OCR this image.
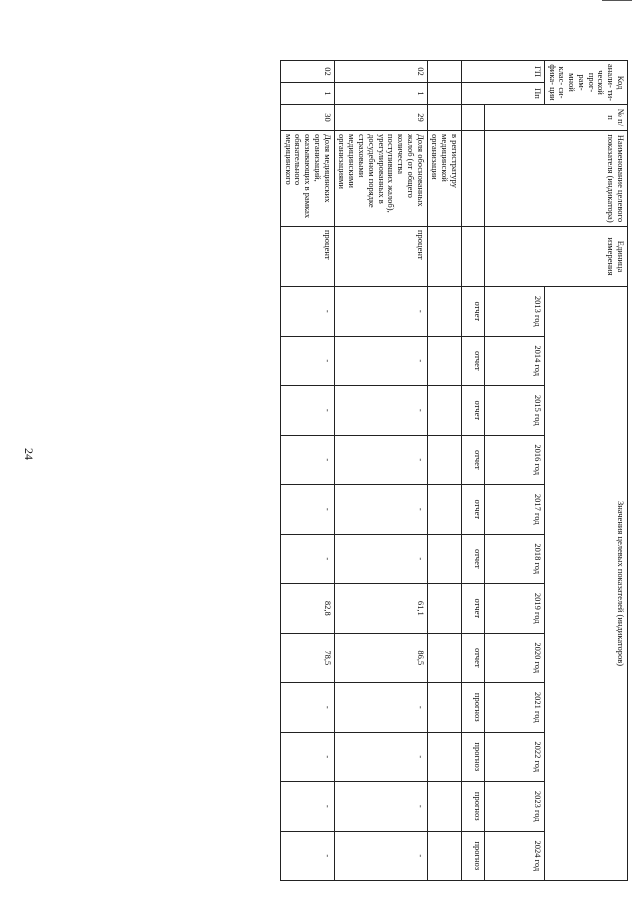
24
Код анали- ти- ческой прог- рам- мной клас- си- фика- ции		№ п/п	Наименование целевого показателя (индикатора)	Единица измерения	Значения целевых показателей (индикаторов)											
ГП	Пп				2013 год	2014 год	2015 год	2016 год	2017 год	2018 год	2019 год	2020 год	2021 год	2022 год	2023 год	2024 год
					отчет	отчет	отчет	отчет	отчет	отчет	отчет	отчет	прогноз	прогноз	прогноз	прогноз
			в регистратуру медицинской организации													
02	1	29	Доля обоснованных жалоб (от общего количества поступивших жалоб), урегулированных в досудебном порядке страховыми медицинскими организациями	процент	-	-	-	-	-	-	61,1	86,5	-	-	-	-
02	1	30	Доля медицинских организаций, оказывающих в рамках обязательного медицинского	процент	-	-	-	-	-	-	82,8	78,5	-	-	-	-
